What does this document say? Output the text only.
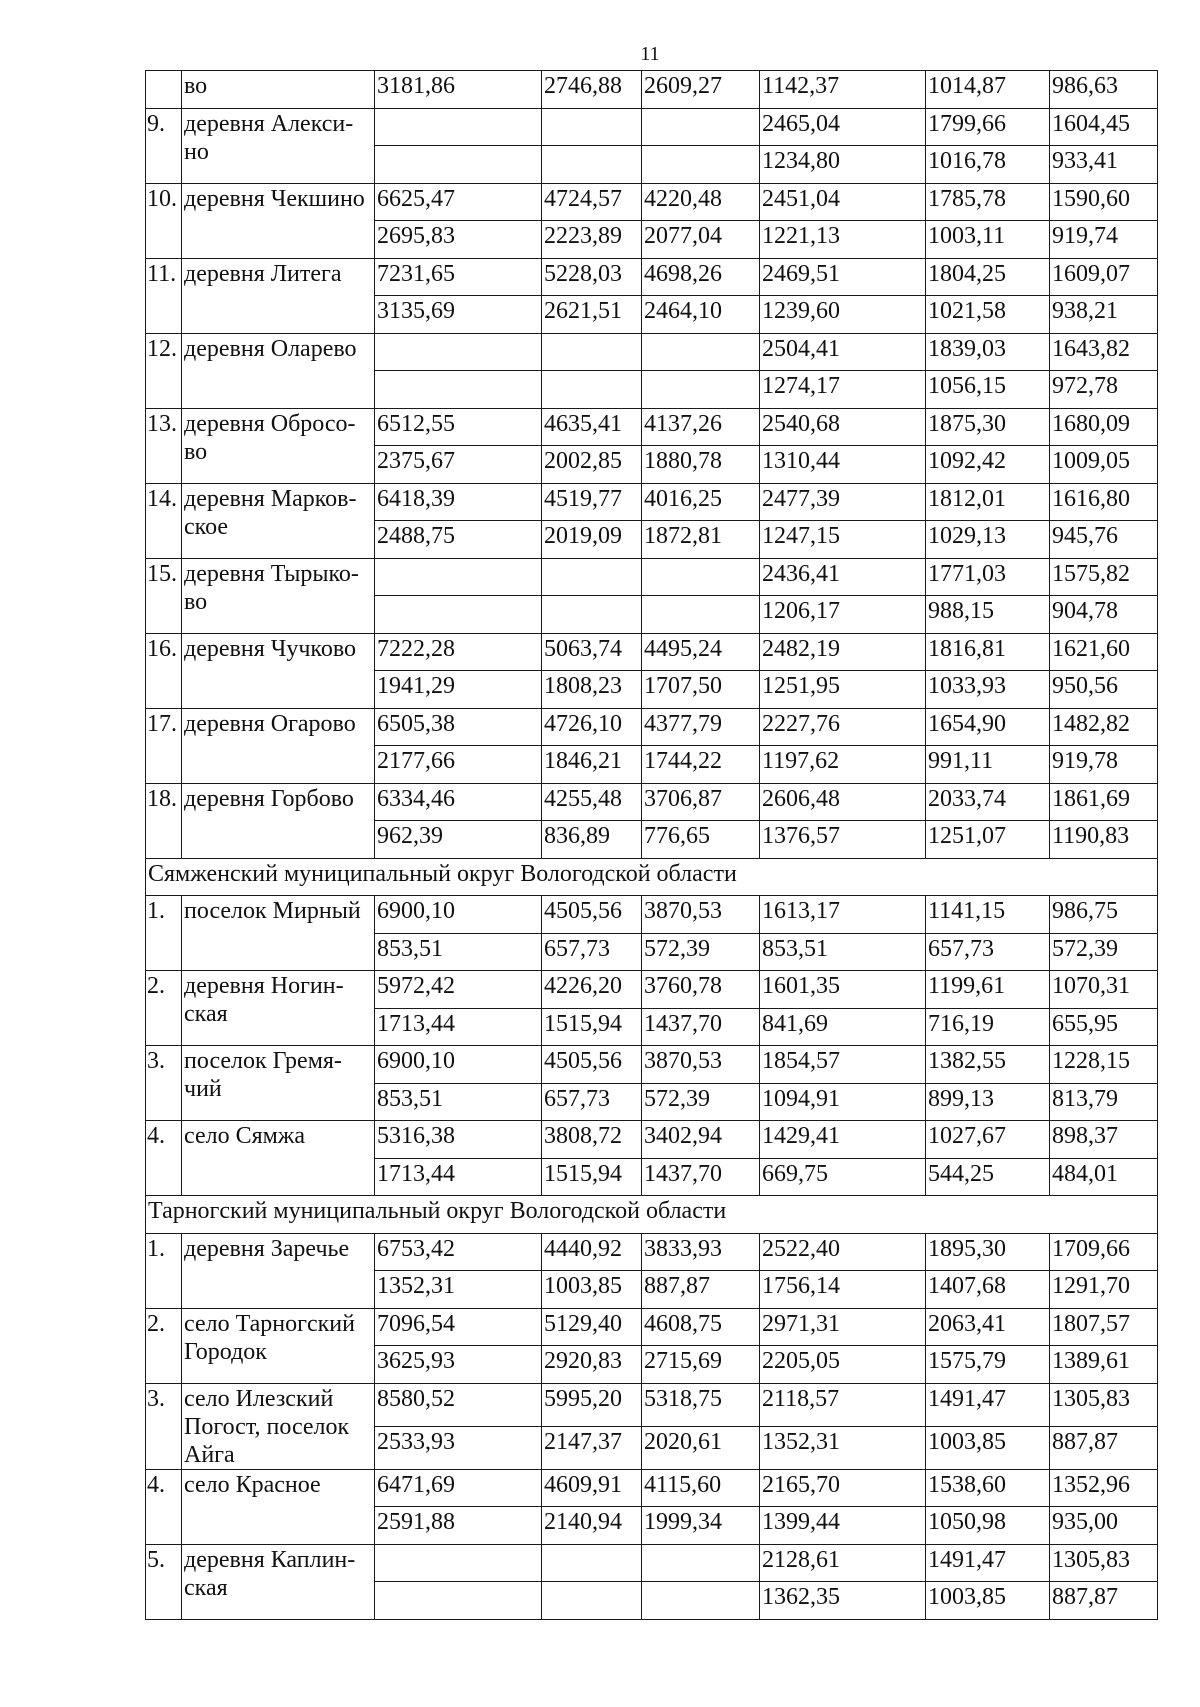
11
	во	3181,86	2746,88	2609,27	1142,37	1014,87	986,63
9.	деревня Алекси-но				2465,04	1799,66	1604,45
					1234,80	1016,78	933,41
10.	деревня Чекшино	6625,47	4724,57	4220,48	2451,04	1785,78	1590,60
		2695,83	2223,89	2077,04	1221,13	1003,11	919,74
11.	деревня Литега	7231,65	5228,03	4698,26	2469,51	1804,25	1609,07
		3135,69	2621,51	2464,10	1239,60	1021,58	938,21
12.	деревня Оларево				2504,41	1839,03	1643,82
					1274,17	1056,15	972,78
13.	деревня Обросо-во	6512,55	4635,41	4137,26	2540,68	1875,30	1680,09
		2375,67	2002,85	1880,78	1310,44	1092,42	1009,05
14.	деревня Марков-ское	6418,39	4519,77	4016,25	2477,39	1812,01	1616,80
		2488,75	2019,09	1872,81	1247,15	1029,13	945,76
15.	деревня Тырыко-во				2436,41	1771,03	1575,82
					1206,17	988,15	904,78
16.	деревня Чучково	7222,28	5063,74	4495,24	2482,19	1816,81	1621,60
		1941,29	1808,23	1707,50	1251,95	1033,93	950,56
17.	деревня Огарово	6505,38	4726,10	4377,79	2227,76	1654,90	1482,82
		2177,66	1846,21	1744,22	1197,62	991,11	919,78
18.	деревня Горбово	6334,46	4255,48	3706,87	2606,48	2033,74	1861,69
		962,39	836,89	776,65	1376,57	1251,07	1190,83
Сямженский муниципальный округ Вологодской области							
1.	поселок Мирный	6900,10	4505,56	3870,53	1613,17	1141,15	986,75
		853,51	657,73	572,39	853,51	657,73	572,39
2.	деревня Ногин-ская	5972,42	4226,20	3760,78	1601,35	1199,61	1070,31
		1713,44	1515,94	1437,70	841,69	716,19	655,95
3.	поселок Гремя-чий	6900,10	4505,56	3870,53	1854,57	1382,55	1228,15
		853,51	657,73	572,39	1094,91	899,13	813,79
4.	село Сямжа	5316,38	3808,72	3402,94	1429,41	1027,67	898,37
		1713,44	1515,94	1437,70	669,75	544,25	484,01
Тарногский муниципальный округ Вологодской области							
1.	деревня Заречье	6753,42	4440,92	3833,93	2522,40	1895,30	1709,66
		1352,31	1003,85	887,87	1756,14	1407,68	1291,70
2.	село Тарногский Городок	7096,54	5129,40	4608,75	2971,31	2063,41	1807,57
		3625,93	2920,83	2715,69	2205,05	1575,79	1389,61
3.	село Илезский Погост, поселок Айга	8580,52	5995,20	5318,75	2118,57	1491,47	1305,83
		2533,93	2147,37	2020,61	1352,31	1003,85	887,87
4.	село Красное	6471,69	4609,91	4115,60	2165,70	1538,60	1352,96
		2591,88	2140,94	1999,34	1399,44	1050,98	935,00
5.	деревня Каплин-ская				2128,61	1491,47	1305,83
					1362,35	1003,85	887,87
